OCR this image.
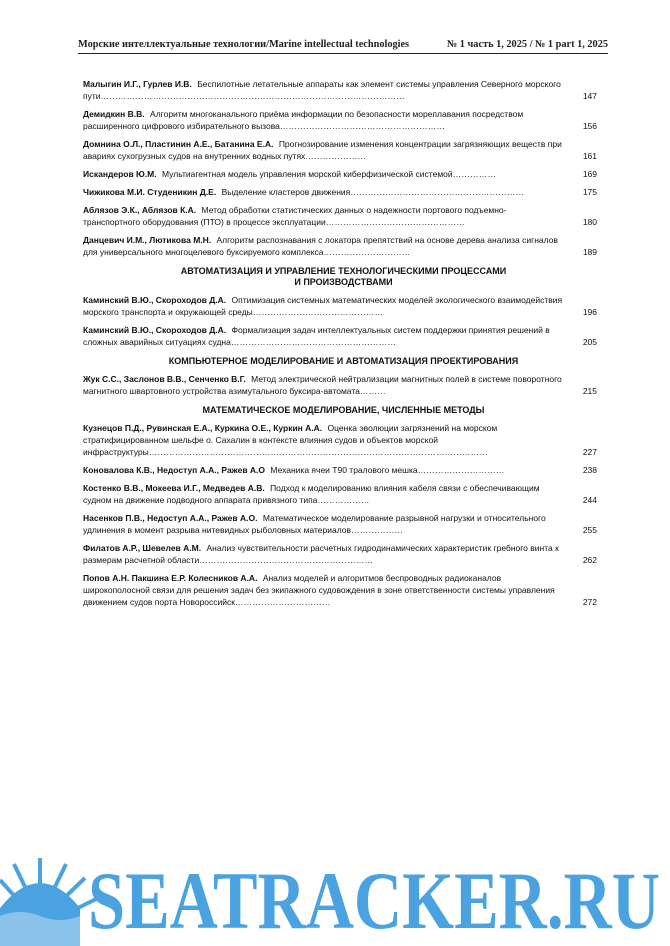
Морские интеллектуальные технологии/Marine intellectual technologies	№ 1 часть 1, 2025 / № 1 part 1, 2025
Малыгин И.Г., Гурлев И.В. Беспилотные летательные аппараты как элемент системы управления Северного морского пути……………………………………………………………………………………………	147
Демидкин В.В. Алгоритм многоканального приёма информации по безопасности мореплавания посредством расширенного цифрового избирательного вызова…………………………………………………	156
Домнина О.Л., Пластинин А.Е., Батанина Е.А. Прогнозирование изменения концентрации загрязняющих веществ при авариях сухогрузных судов на внутренних водных путях…………………	161
Искандеров Ю.М. Мультиагентная модель управления морской киберфизической системой……………	169
Чижикова М.И. Студеникин Д.Е. Выделение кластеров движения……………………………………………………	175
Аблязов Э.К., Аблязов К.А. Метод обработки статистических данных о надежности портового подъемно-транспортного оборудования (ПТО) в процессе эксплуатации…………………………………………	180
Данцевич И.М., Лютикова М.Н. Алгоритм распознавания с локатора препятствий на основе дерева анализа сигналов для универсального многоцелевого буксируемого комплекса…………………………	189
АВТОМАТИЗАЦИЯ И УПРАВЛЕНИЕ ТЕХНОЛОГИЧЕСКИМИ ПРОЦЕССАМИ
И ПРОИЗВОДСТВАМИ
Каминский В.Ю., Скороходов Д.А. Оптимизация системных математических моделей экологического взаимодействия морского транспорта и окружающей среды………………………………………	196
Каминский В.Ю., Скороходов Д.А. Формализация задач интеллектуальных систем поддержки принятия решений в сложных аварийных ситуациях судна…………………………………………………	205
КОМПЬЮТЕРНОЕ МОДЕЛИРОВАНИЕ И АВТОМАТИЗАЦИЯ ПРОЕКТИРОВАНИЯ
Жук С.С., Заслонов В.В., Сенченко В.Г. Метод электрической нейтрализации магнитных полей в системе поворотного магнитного швартовного устройства азимутального буксира-автомата………	215
МАТЕМАТИЧЕСКОЕ МОДЕЛИРОВАНИЕ, ЧИСЛЕННЫЕ МЕТОДЫ
Кузнецов П.Д., Рувинская Е.А., Куркина О.Е., Куркин А.А. Оценка эволюции загрязнений на морском стратифицированном шельфе о. Сахалин в контексте влияния судов и объектов морской инфраструктуры………………………………………………………………………………………………………	227
Коновалова К.В., Недоступ А.А., Ражев А.О Механика ячеи Т90 тралового мешка…………………………	238
Костенко В.В., Мокеева И.Г., Медведев А.В. Подход к моделированию влияния кабеля связи с обеспечивающим судном на движение подводного аппарата привязного типа………………	244
Насенков П.В., Недоступ А.А., Ражев А.О. Математическое моделирование разрывной нагрузки и относительного удлинения в момент разрыва нитевидных рыболовных материалов………………	255
Филатов А.Р., Шевелев А.М. Анализ чувствительности расчетных гидродинамических характеристик гребного винта к размерам расчетной области……………………………………………………	262
Попов А.Н. Пакшина Е.Р. Колесников А.А. Анализ моделей и алгоритмов беспроводных радиоканалов широкополосной связи для решения задач без экипажного судовождения в зоне ответственности системы управления движением судов порта Новороссийск……………………………	272
SEATRACKER.RU
